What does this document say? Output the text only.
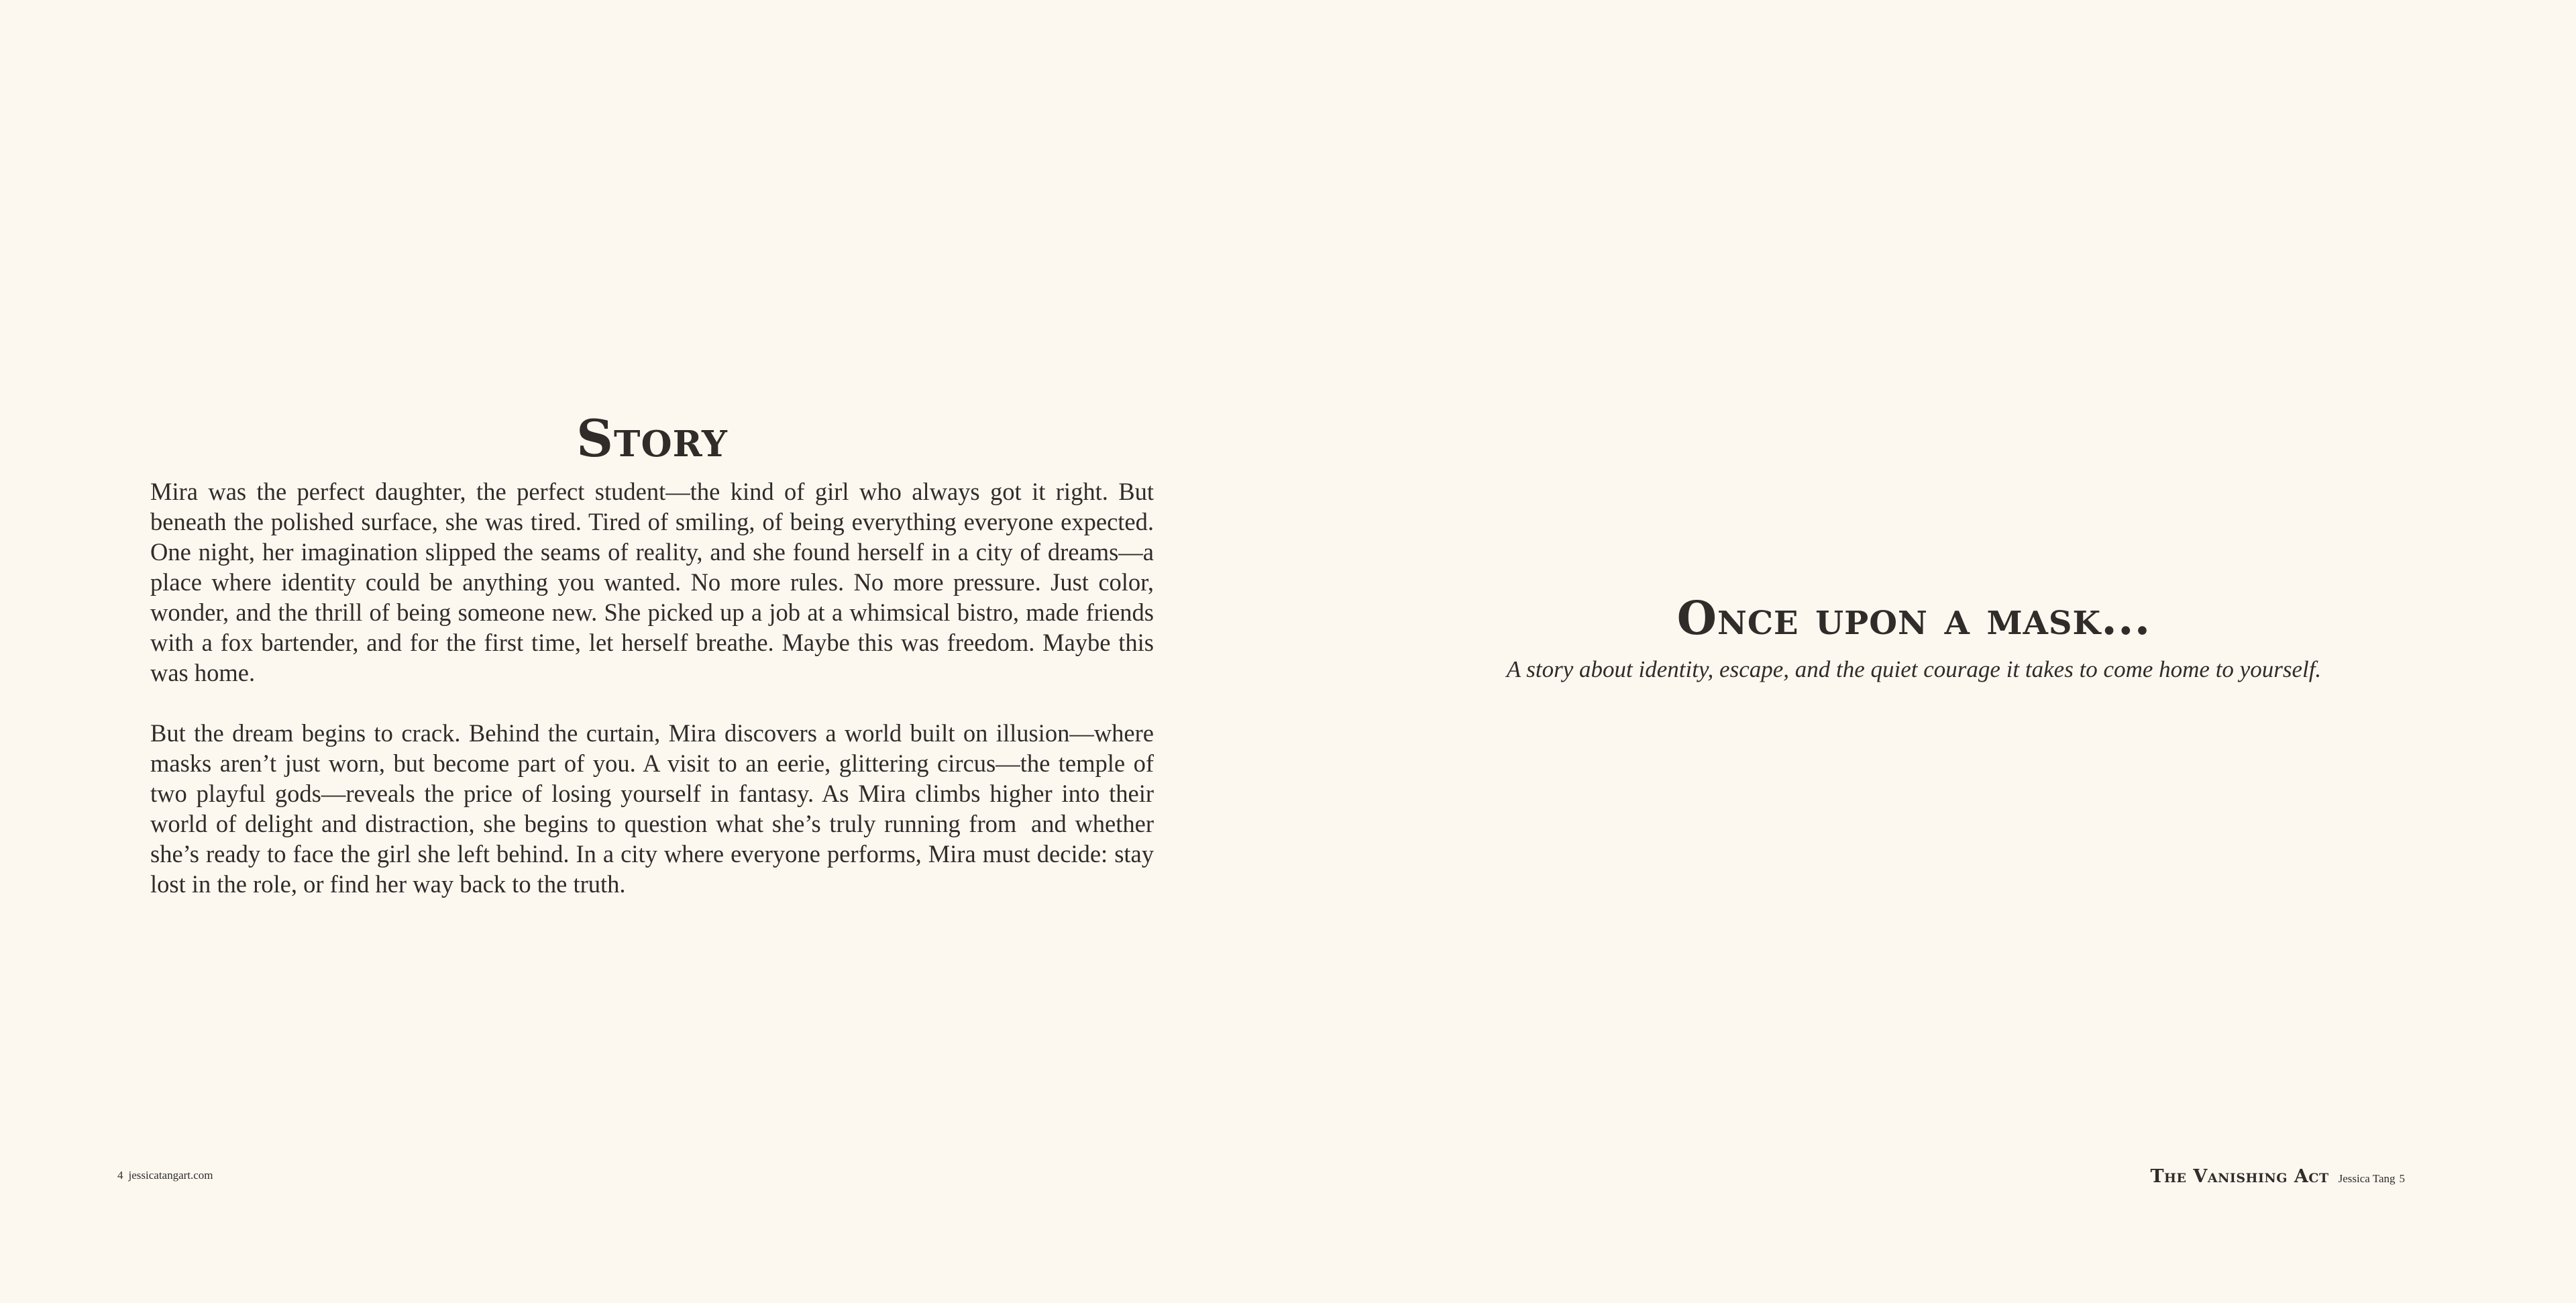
Story

Mira was the perfect daughter, the perfect student—the kind of girl who always got it right. But beneath the polished surface, she was tired. Tired of smiling, of being everything everyone expected. One night, her imagination slipped the seams of reality, and she found herself in a city of dreams—a place where identity could be anything you wanted. No more rules. No more pressure. Just color, wonder, and the thrill of being someone new. She picked up a job at a whimsical bistro, made friends with a fox bartender, and for the first time, let herself breathe. Maybe this was freedom. Maybe this was home.

But the dream begins to crack. Behind the curtain, Mira discovers a world built on illusion—where masks aren’t just worn, but become part of you. A visit to an eerie, glittering circus—the temple of two playful gods—reveals the price of losing yourself in fantasy. As Mira climbs higher into their world of delight and distraction, she begins to question what she’s truly running from  and whether she’s ready to face the girl she left behind. In a city where everyone performs, Mira must decide: stay lost in the role, or find her way back to the truth.

4 jessicatangart.com
Once upon a mask...

A story about identity, escape, and the quiet courage it takes to come home to yourself.

The Vanishing Act Jessica Tang 5
